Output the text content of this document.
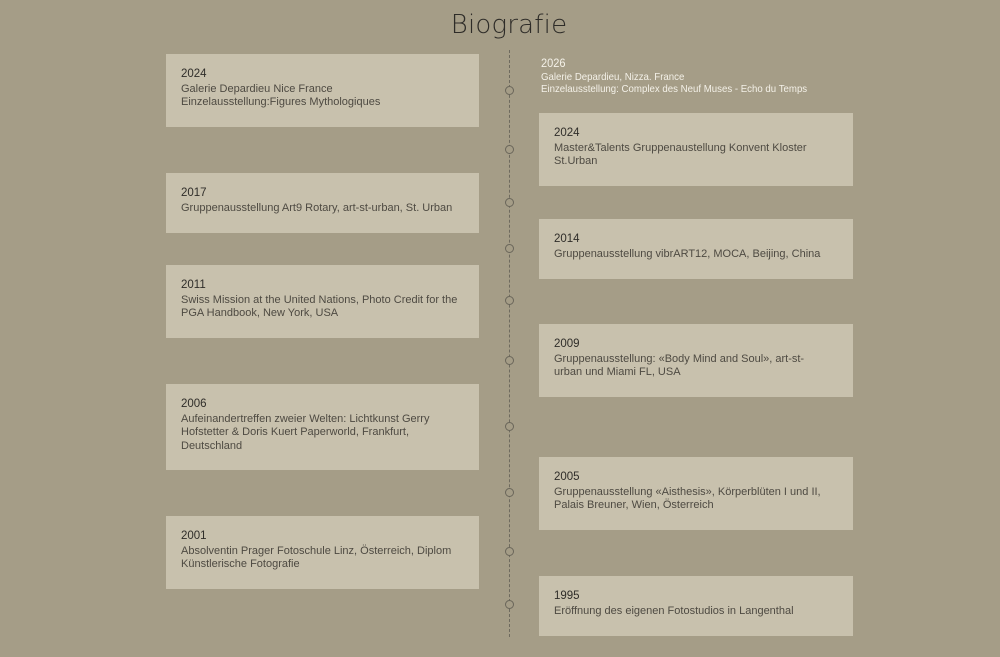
Biografie
2026
Galerie Depardieu, Nizza. France
Einzelausstellung: Complex des Neuf Muses - Echo du Temps
2024
Galerie Depardieu Nice France
Einzelausstellung:Figures Mythologiques
2017
Gruppenausstellung Art9 Rotary, art-st-urban, St. Urban
2011
Swiss Mission at the United Nations, Photo Credit for the
PGA Handbook, New York, USA
2006
Aufeinandertreffen zweier Welten: Lichtkunst Gerry
Hofstetter & Doris Kuert Paperworld, Frankfurt,
Deutschland
2001
Absolventin Prager Fotoschule Linz, Österreich, Diplom
Künstlerische Fotografie
2024
Master&Talents Gruppenaustellung Konvent Kloster
St.Urban
2014
Gruppenausstellung vibrART12, MOCA, Beijing, China
2009
Gruppenausstellung: «Body Mind and Soul», art-st-
urban und Miami FL, USA
2005
Gruppenausstellung «Aisthesis», Körperblüten I und II,
Palais Breuner, Wien, Österreich
1995
Eröffnung des eigenen Fotostudios in Langenthal
